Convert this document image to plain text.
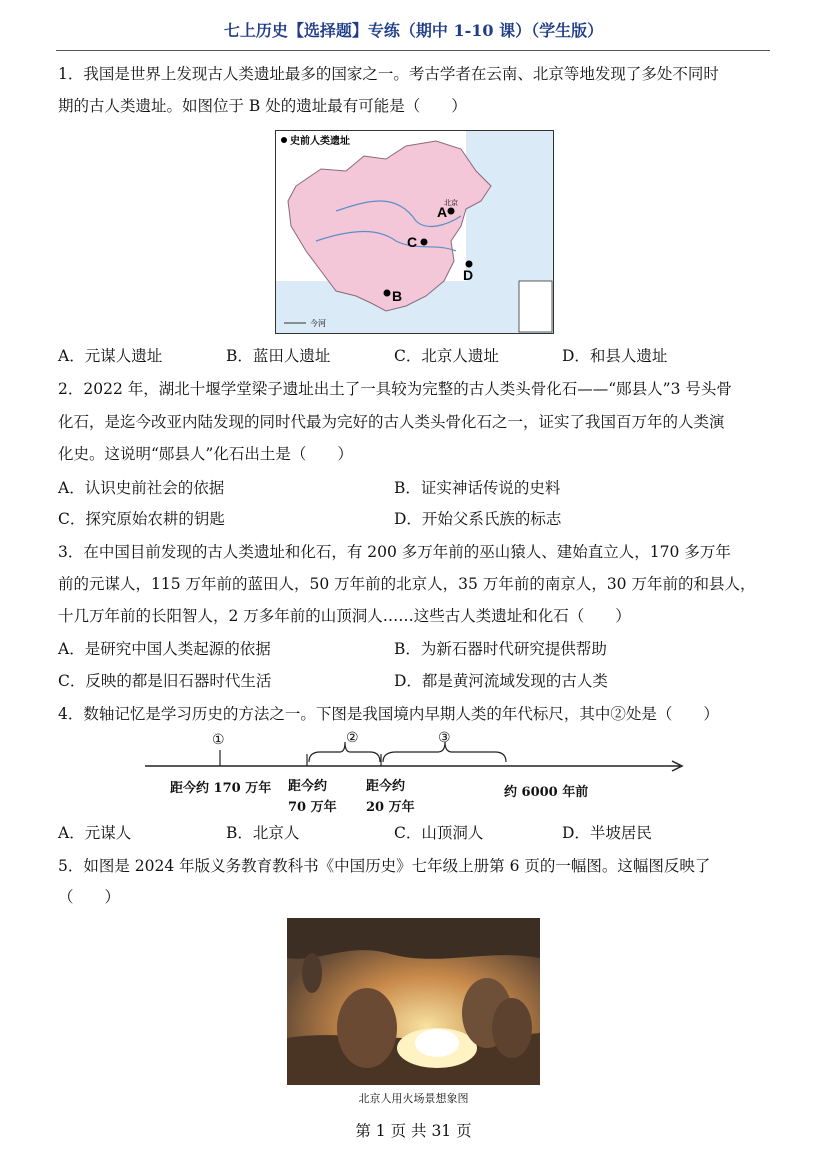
七上历史【选择题】专练（期中 1-10 课）（学生版）
1．我国是世界上发现古人类遗址最多的国家之一。考古学者在云南、北京等地发现了多处不同时
期的古人类遗址。如图位于 B 处的遗址最有可能是（　　）
史前人类遗址
今河
A
北京
C
D
B
A．元谋人遗址	B．蓝田人遗址	C．北京人遗址	D．和县人遗址
2．2022 年，湖北十堰学堂梁子遗址出土了一具较为完整的古人类头骨化石——“郧县人”3 号头骨
化石，是迄今改亚内陆发现的同时代最为完好的古人类头骨化石之一，证实了我国百万年的人类演
化史。这说明“郧县人”化石出土是（　　）
A．认识史前社会的依据	B．证实神话传说的史料
C．探究原始农耕的钥匙	D．开始父系氏族的标志
3．在中国目前发现的古人类遗址和化石，有 200 多万年前的巫山猿人、建始直立人，170 多万年
前的元谋人，115 万年前的蓝田人，50 万年前的北京人，35 万年前的南京人，30 万年前的和县人，
十几万年前的长阳智人，2 万多年前的山顶洞人……这些古人类遗址和化石（　　）
A．是研究中国人类起源的依据	B．为新石器时代研究提供帮助
C．反映的都是旧石器时代生活	D．都是黄河流域发现的古人类
4．数轴记忆是学习历史的方法之一。下图是我国境内早期人类的年代标尺，其中②处是（　　）
①	②	③
距今约 170 万年 距今约
70 万年
距今约
20 万年
约 6000 年前
A．元谋人	B．北京人	C．山顶洞人	D．半坡居民
5．如图是 2024 年版义务教育教科书《中国历史》七年级上册第 6 页的一幅图。这幅图反映了
（　　）
北京人用火场景想象图
第 1 页 共 31 页
